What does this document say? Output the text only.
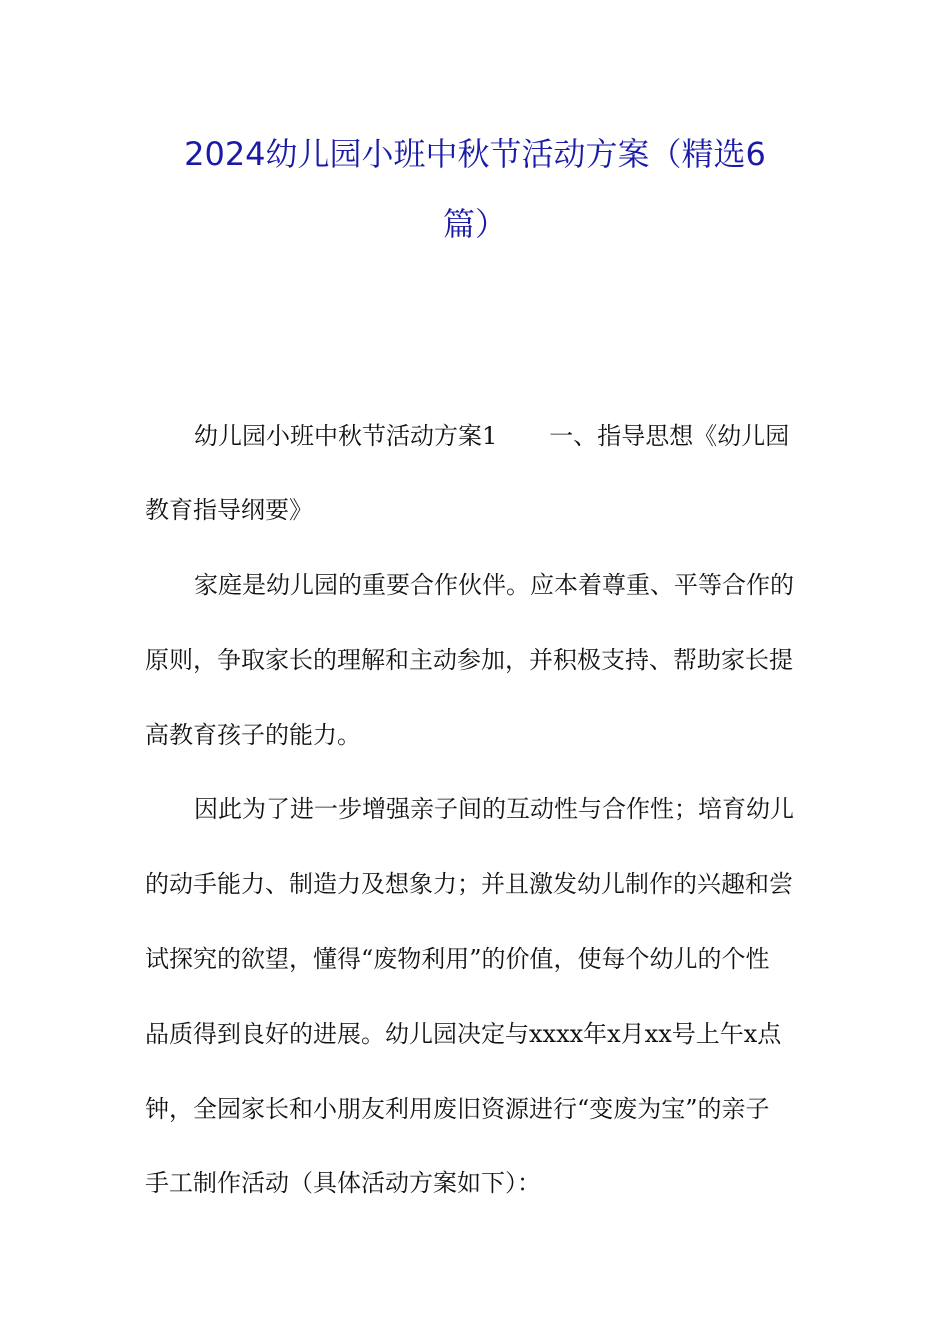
2024幼儿园小班中秋节活动方案（精选6
篇）
幼儿园小班中秋节活动方案1 一、指导思想《幼儿园
教育指导纲要》
家庭是幼儿园的重要合作伙伴。应本着尊重、平等合作的
原则，争取家长的理解和主动参加，并积极支持、帮助家长提
高教育孩子的能力。
因此为了进一步增强亲子间的互动性与合作性；培育幼儿
的动手能力、制造力及想象力；并且激发幼儿制作的兴趣和尝
试探究的欲望，懂得“废物利用”的价值，使每个幼儿的个性
品质得到良好的进展。幼儿园决定与xxxx年x月xx号上午x点
钟，全园家长和小朋友利用废旧资源进行“变废为宝”的亲子
手工制作活动（具体活动方案如下）：
